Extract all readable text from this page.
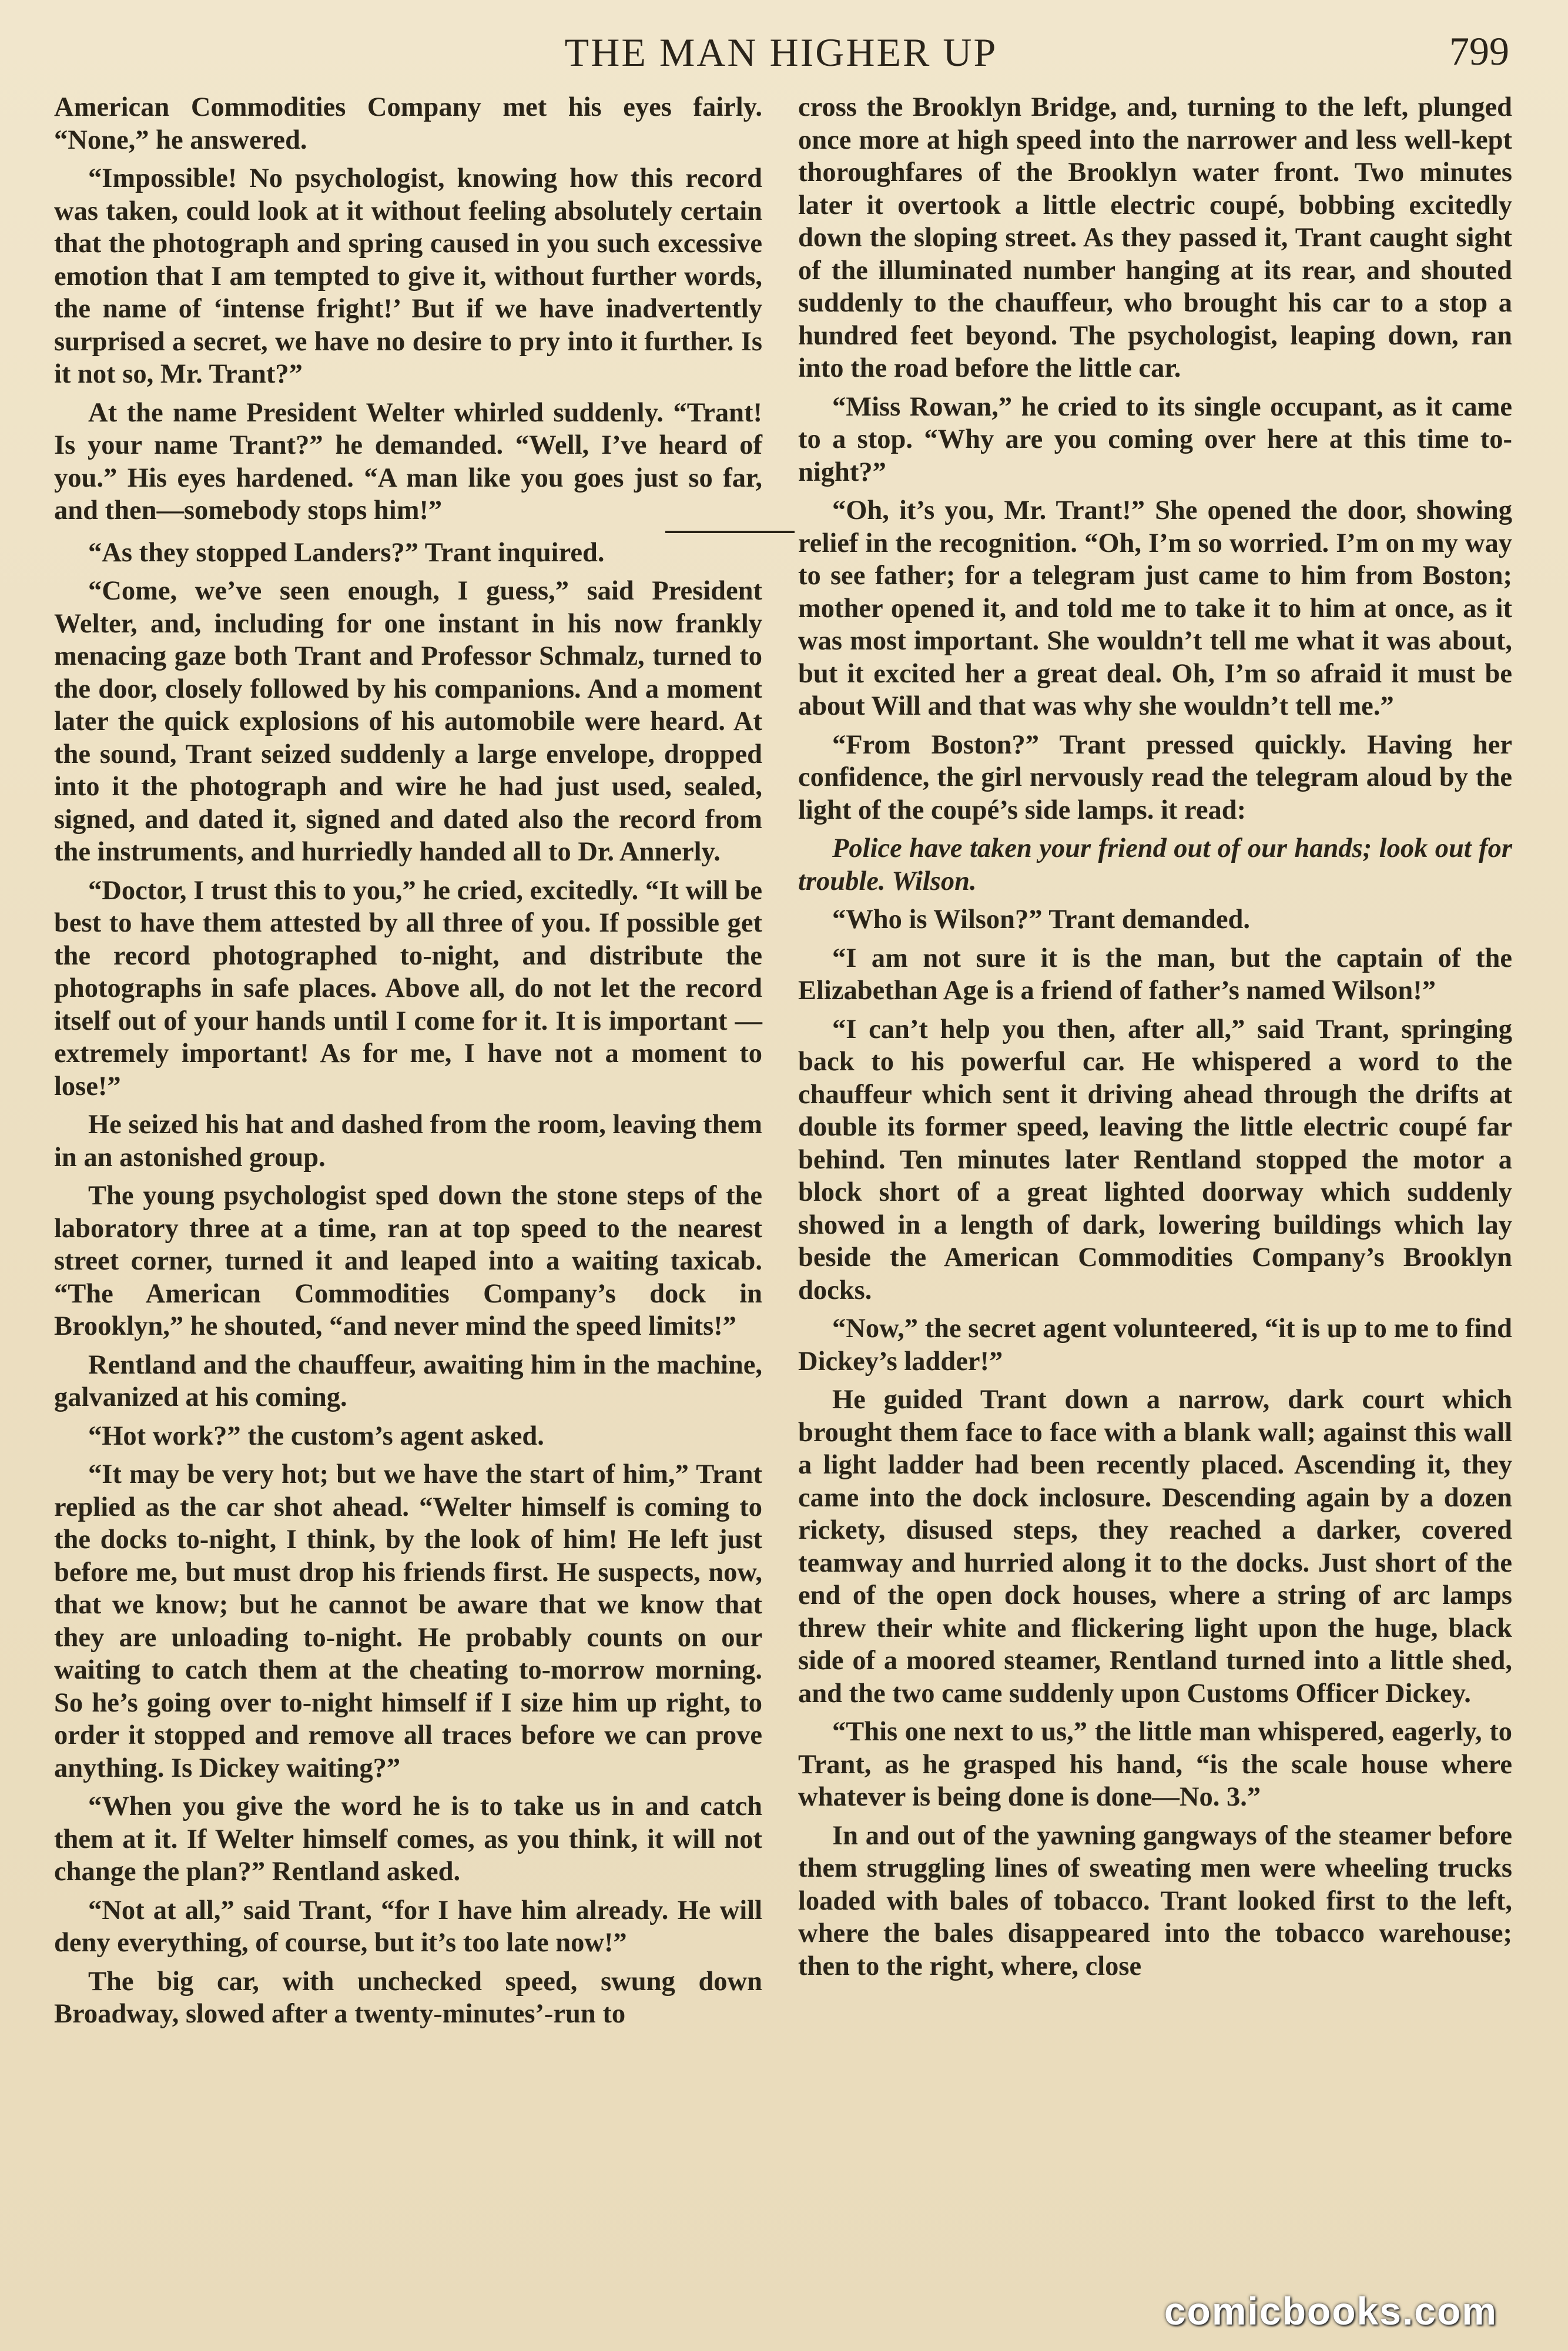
THE MAN HIGHER UP	799

American Commodities Company met his eyes fairly. “None,” he answered.

“Impossible! No psychologist, knowing how this record was taken, could look at it without feeling absolutely certain that the photograph and spring caused in you such excessive emotion that I am tempted to give it, without further words, the name of ‘intense fright!’ But if we have inadvertently surprised a secret, we have no desire to pry into it further. Is it not so, Mr. Trant?”

At the name President Welter whirled suddenly. “Trant! Is your name Trant?” he demanded. “Well, I’ve heard of you.” His eyes hardened. “A man like you goes just so far, and then—somebody stops him!”

“As they stopped Landers?” Trant inquired.

“Come, we’ve seen enough, I guess,” said President Welter, and, including for one instant in his now frankly menacing gaze both Trant and Professor Schmalz, turned to the door, closely followed by his companions. And a moment later the quick explosions of his automobile were heard. At the sound, Trant seized suddenly a large envelope, dropped into it the photograph and wire he had just used, sealed, signed, and dated it, signed and dated also the record from the instruments, and hurriedly handed all to Dr. Annerly.

“Doctor, I trust this to you,” he cried, excitedly. “It will be best to have them attested by all three of you. If possible get the record photographed to-night, and distribute the photographs in safe places. Above all, do not let the record itself out of your hands until I come for it. It is important —extremely important! As for me, I have not a moment to lose!”

He seized his hat and dashed from the room, leaving them in an astonished group.

The young psychologist sped down the stone steps of the laboratory three at a time, ran at top speed to the nearest street corner, turned it and leaped into a waiting taxicab. “The American Commodities Company’s dock in Brooklyn,” he shouted, “and never mind the speed limits!”

Rentland and the chauffeur, awaiting him in the machine, galvanized at his coming.

“Hot work?” the custom’s agent asked.

“It may be very hot; but we have the start of him,” Trant replied as the car shot ahead. “Welter himself is coming to the docks to-night, I think, by the look of him! He left just before me, but must drop his friends first. He suspects, now, that we know; but he cannot be aware that we know that they are unloading to-night. He probably counts on our waiting to catch them at the cheating to-morrow morning. So he’s going over to-night himself if I size him up right, to order it stopped and remove all traces before we can prove anything. Is Dickey waiting?”

“When you give the word he is to take us in and catch them at it. If Welter himself comes, as you think, it will not change the plan?” Rentland asked.

“Not at all,” said Trant, “for I have him already. He will deny everything, of course, but it’s too late now!”

The big car, with unchecked speed, swung down Broadway, slowed after a twenty-minutes’-run to

cross the Brooklyn Bridge, and, turning to the left, plunged once more at high speed into the narrower and less well-kept thoroughfares of the Brooklyn water front. Two minutes later it overtook a little electric coupé, bobbing excitedly down the sloping street. As they passed it, Trant caught sight of the illuminated number hanging at its rear, and shouted suddenly to the chauffeur, who brought his car to a stop a hundred feet beyond. The psychologist, leaping down, ran into the road before the little car.

“Miss Rowan,” he cried to its single occupant, as it came to a stop. “Why are you coming over here at this time to-night?”

“Oh, it’s you, Mr. Trant!” She opened the door, showing relief in the recognition. “Oh, I’m so worried. I’m on my way to see father; for a telegram just came to him from Boston; mother opened it, and told me to take it to him at once, as it was most important. She wouldn’t tell me what it was about, but it excited her a great deal. Oh, I’m so afraid it must be about Will and that was why she wouldn’t tell me.”

“From Boston?” Trant pressed quickly. Having her confidence, the girl nervously read the telegram aloud by the light of the coupé’s side lamps. it read:

Police have taken your friend out of our hands; look out for trouble. Wilson.

“Who is Wilson?” Trant demanded.

“I am not sure it is the man, but the captain of the Elizabethan Age is a friend of father’s named Wilson!”

“I can’t help you then, after all,” said Trant, springing back to his powerful car. He whispered a word to the chauffeur which sent it driving ahead through the drifts at double its former speed, leaving the little electric coupé far behind. Ten minutes later Rentland stopped the motor a block short of a great lighted doorway which suddenly showed in a length of dark, lowering buildings which lay beside the American Commodities Company’s Brooklyn docks.

“Now,” the secret agent volunteered, “it is up to me to find Dickey’s ladder!”

He guided Trant down a narrow, dark court which brought them face to face with a blank wall; against this wall a light ladder had been recently placed. Ascending it, they came into the dock inclosure. Descending again by a dozen rickety, disused steps, they reached a darker, covered teamway and hurried along it to the docks. Just short of the end of the open dock houses, where a string of arc lamps threw their white and flickering light upon the huge, black side of a moored steamer, Rentland turned into a little shed, and the two came suddenly upon Customs Officer Dickey.

“This one next to us,” the little man whispered, eagerly, to Trant, as he grasped his hand, “is the scale house where whatever is being done is done—No. 3.”

In and out of the yawning gangways of the steamer before them struggling lines of sweating men were wheeling trucks loaded with bales of tobacco. Trant looked first to the left, where the bales disappeared into the tobacco warehouse; then to the right, where, close

comicbooks.com
